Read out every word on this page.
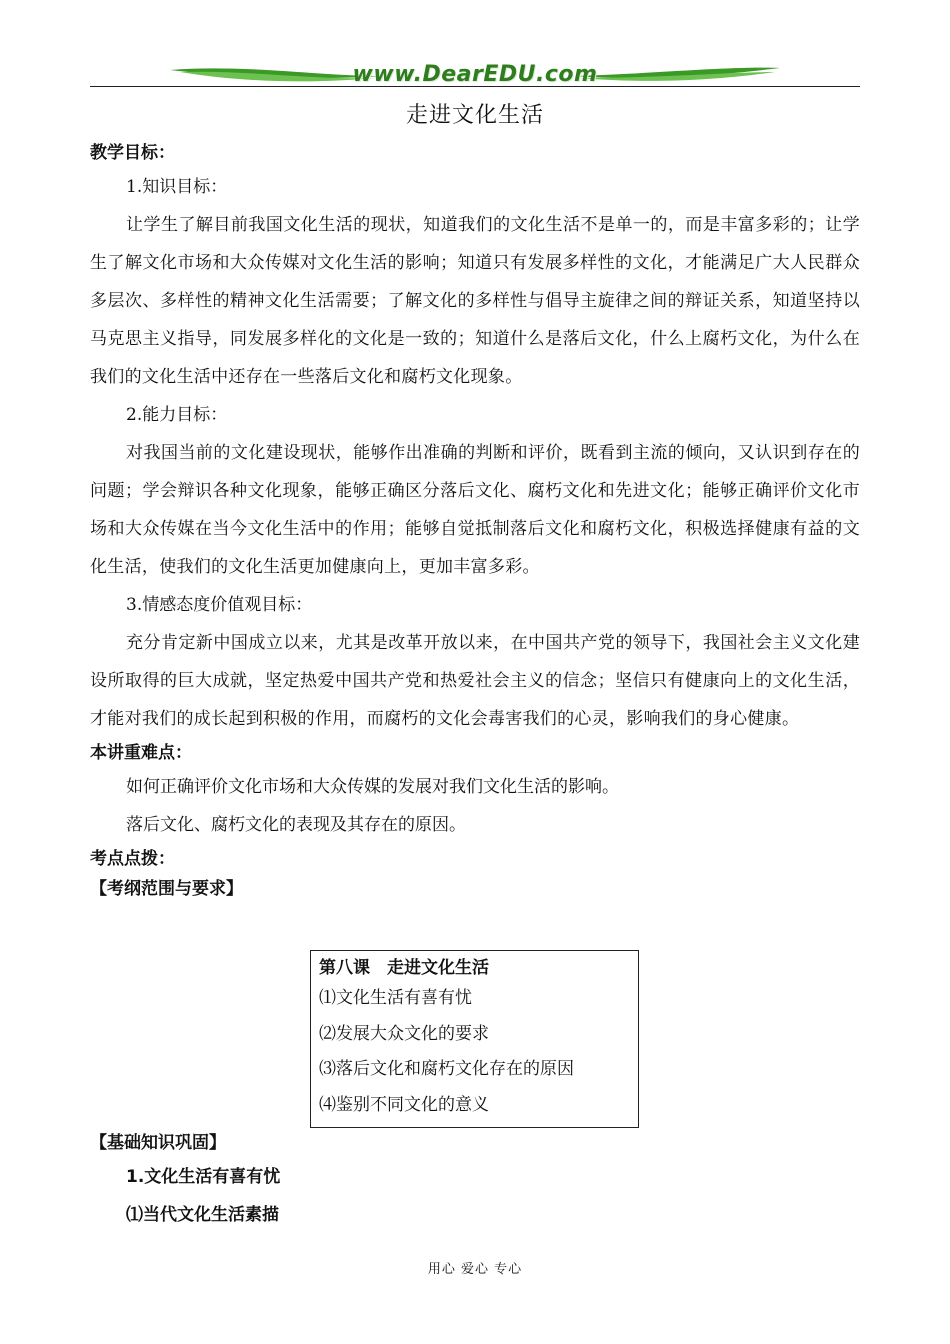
www.DearEDU.com
走进文化生活

教学目标：

1.知识目标：

让学生了解目前我国文化生活的现状，知道我们的文化生活不是单一的，而是丰富多彩的；让学生了解文化市场和大众传媒对文化生活的影响；知道只有发展多样性的文化，才能满足广大人民群众多层次、多样性的精神文化生活需要；了解文化的多样性与倡导主旋律之间的辩证关系，知道坚持以马克思主义指导，同发展多样化的文化是一致的；知道什么是落后文化，什么上腐朽文化，为什么在我们的文化生活中还存在一些落后文化和腐朽文化现象。

2.能力目标：

对我国当前的文化建设现状，能够作出准确的判断和评价，既看到主流的倾向，又认识到存在的问题；学会辩识各种文化现象，能够正确区分落后文化、腐朽文化和先进文化；能够正确评价文化市场和大众传媒在当今文化生活中的作用；能够自觉抵制落后文化和腐朽文化，积极选择健康有益的文化生活，使我们的文化生活更加健康向上，更加丰富多彩。

3.情感态度价值观目标：

充分肯定新中国成立以来，尤其是改革开放以来，在中国共产党的领导下，我国社会主义文化建设所取得的巨大成就，坚定热爱中国共产党和热爱社会主义的信念；坚信只有健康向上的文化生活，才能对我们的成长起到积极的作用，而腐朽的文化会毒害我们的心灵，影响我们的身心健康。

本讲重难点：

如何正确评价文化市场和大众传媒的发展对我们文化生活的影响。

落后文化、腐朽文化的表现及其存在的原因。

考点点拨：

【考纲范围与要求】

第八课　走进文化生活
⑴文化生活有喜有忧
⑵发展大众文化的要求
⑶落后文化和腐朽文化存在的原因
⑷鉴别不同文化的意义

【基础知识巩固】

1.文化生活有喜有忧

⑴当代文化生活素描

用心 爱心 专心
